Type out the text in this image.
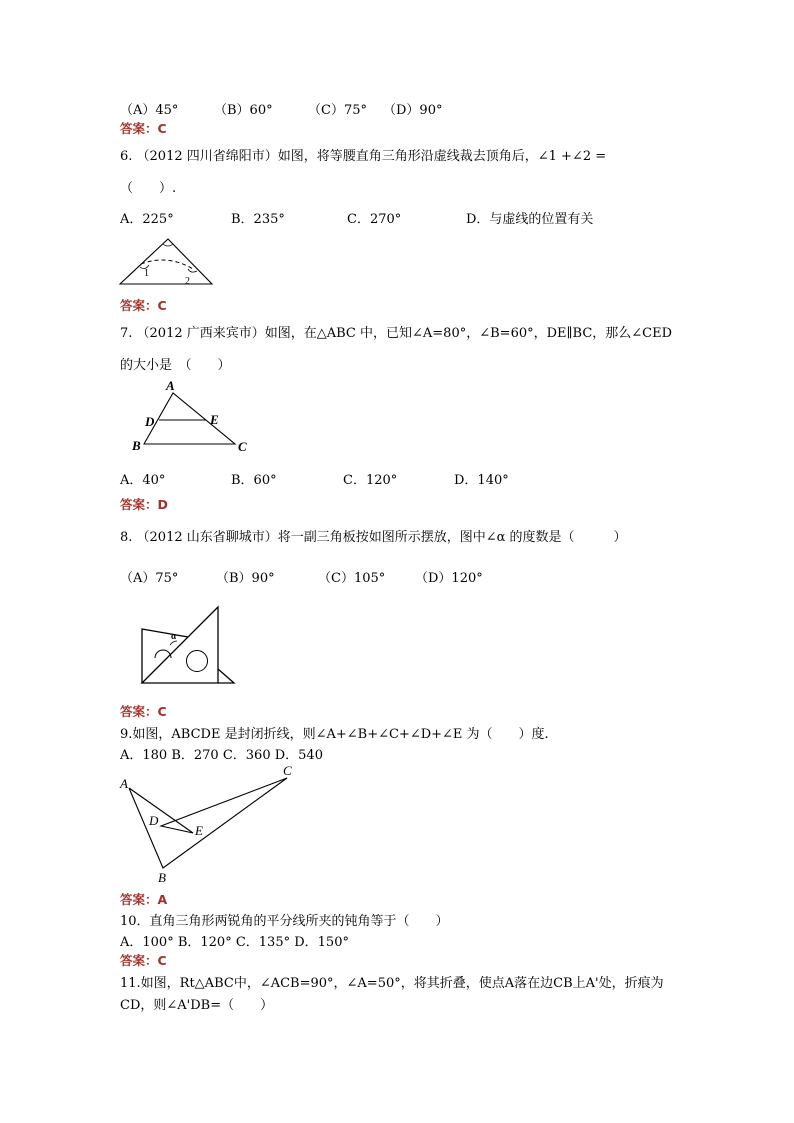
（A）45°	（B）60°	（C）75° （D）90°
答案：C
6. （2012 四川省绵阳市）如图，将等腰直角三角形沿虚线裁去顶角后，∠1 +∠2 =
（　　）.
A．225°	B．235°	C．270°	D．与虚线的位置有关
1
2
答案：C
7. （2012 广西来宾市）如图，在△ABC 中，已知∠A=80°，∠B=60°，DE∥BC，那么∠CED
的大小是　（　　）
A
D	E
B	C
A．40°	B．60°	C．120°	D．140°
答案：D
8. （2012 山东省聊城市）将一副三角板按如图所示摆放，图中∠α 的度数是（　　　）
（A）75°	（B）90°	（C）105° （D）120°
α
答案：C
9.如图，ABCDE 是封闭折线，则∠A+∠B+∠C+∠D+∠E 为（　　）度.
A．180 B．270 C．360 D．540
A
C
D
E
B
答案：A
10．直角三角形两锐角的平分线所夹的钝角等于（　　）
A．100° B．120° C．135° D．150°
答案：C
11.如图，Rt△ABC中，∠ACB=90°，∠A=50°，将其折叠，使点A落在边CB上A'处，折痕为
CD，则∠A'DB=（　　）
